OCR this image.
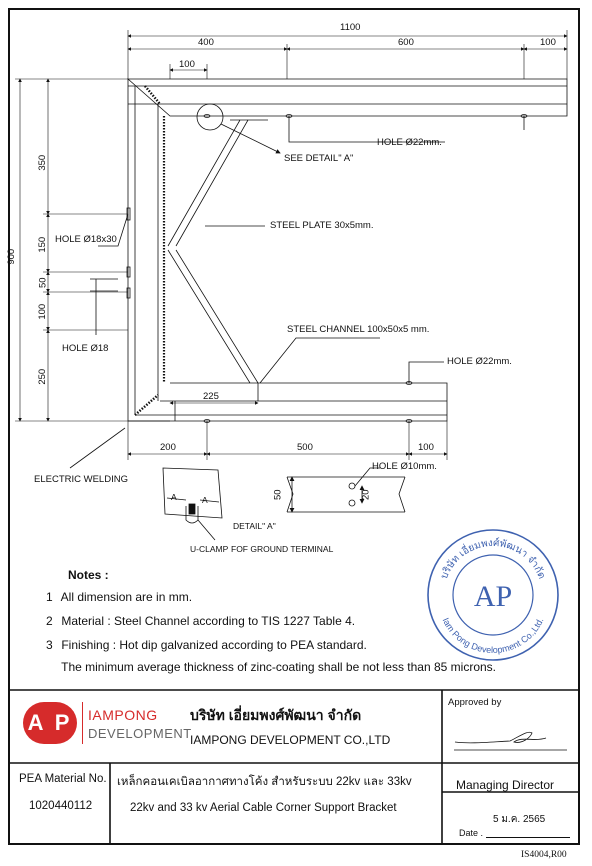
1100
400	600	100
100
900
350
150
50
100
250
200	500	100
225
50	20
HOLE Ø22mm.
SEE DETAIL" A"
HOLE Ø18x30
STEEL PLATE 30x5mm.
HOLE Ø18
STEEL CHANNEL 100x50x5 mm.
HOLE Ø22mm.
ELECTRIC WELDING
HOLE Ø10mm.
DETAIL" A"
U-CLAMP FOF GROUND TERMINAL
A	A
Notes :
1 All dimension are in mm.
2 Material : Steel Channel according to TIS 1227 Table 4.
3 Finishing : Hot dip galvanized according to PEA standard.
The minimum average thickness of zinc-coating shall be not less than 85 microns.
บริษัท เอี่ยมพงศ์พัฒนา จำกัด
Iam Pong Development Co.,Ltd.
AP
A P IAMPONG
DEVELOPMENT
บริษัท เอี่ยมพงศ์พัฒนา จำกัด
IAMPONG DEVELOPMENT CO.,LTD
Approved by
Managing Director
PEA Material No.
1020440112
เหล็กคอนเคเบิลอากาศทางโค้ง สำหรับระบบ 22kv และ 33kv
22kv and 33 kv Aerial Cable Corner Support Bracket
5 ม.ค. 2565
Date .
IS4004,R00
